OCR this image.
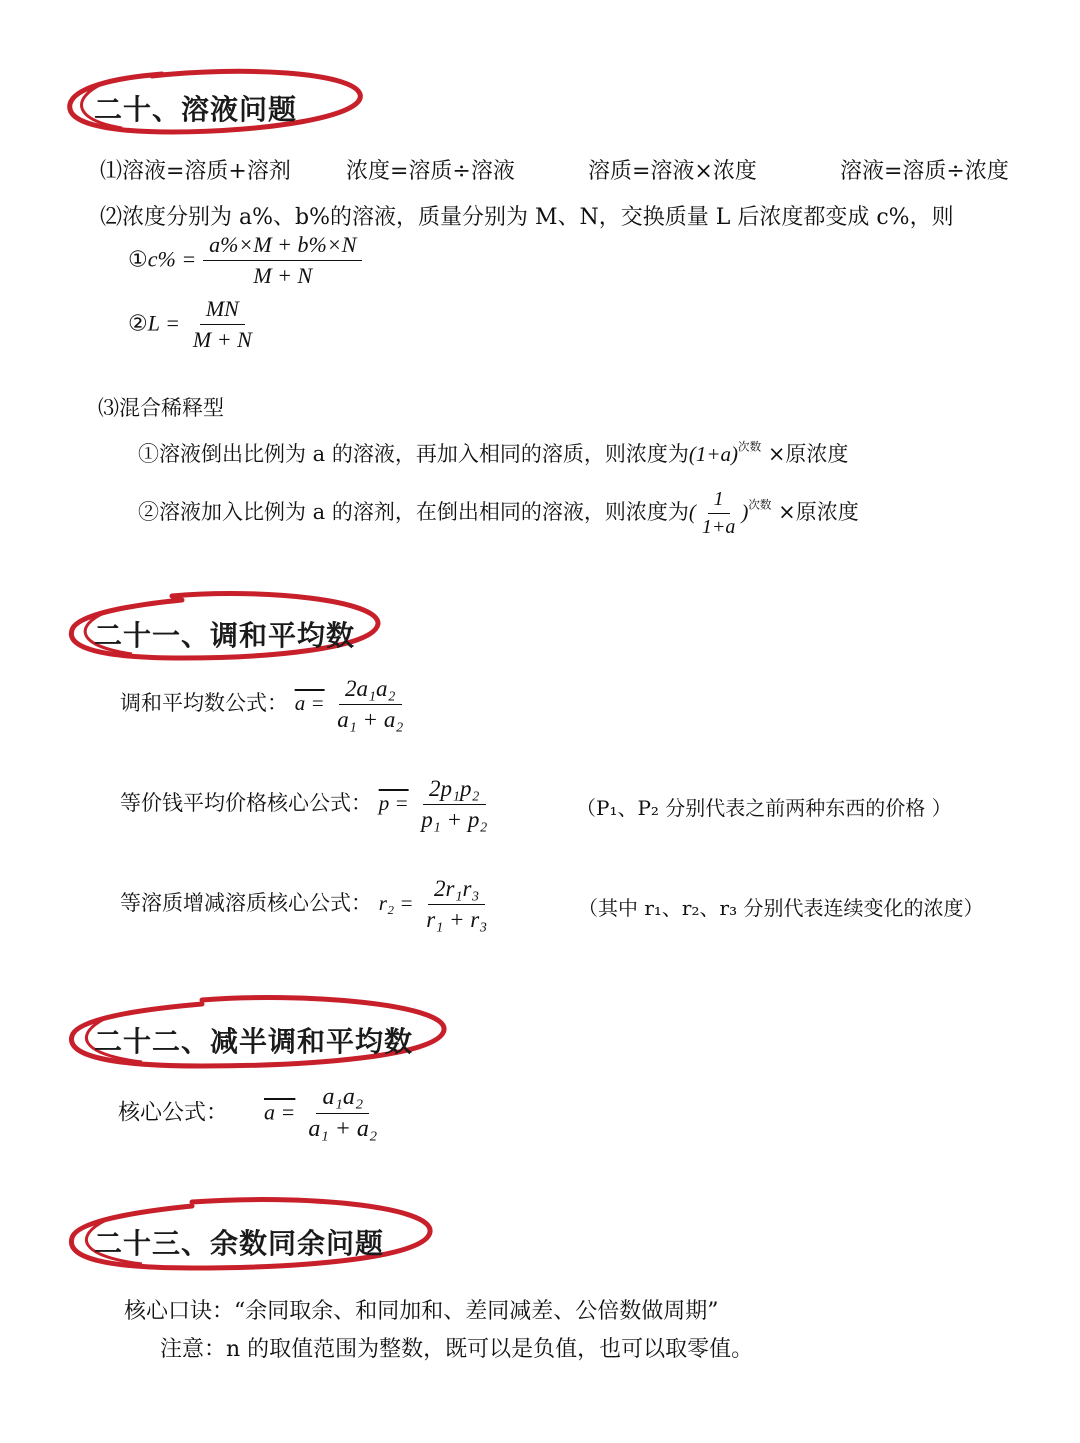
二十、溶液问题
⑴溶液=溶质+溶剂	浓度=溶质÷溶液	溶质=溶液×浓度	溶液=溶质÷浓度
⑵浓度分别为 a%、b%的溶液，质量分别为 M、N，交换质量 L 后浓度都变成 c%，则
①c% = $\frac{a\%\times M + b\%\times N}{M + N}$
②L = $\frac{MN}{M + N}$
⑶混合稀释型
①溶液倒出比例为 a 的溶液，再加入相同的溶质，则浓度为$(1+a)^{次数}$ ×原浓度
②溶液加入比例为 a 的溶剂，在倒出相同的溶液，则浓度为( $\frac{1}{1+a} )^{次数}$ ×原浓度
二十一、调和平均数
调和平均数公式： $a = \frac{\text{2a₁a₂}}{\text{a₁ + a₂}}$
等价钱平均价格核心公式： $p = \frac{\text{2p₁p₂}}{\text{p₁ + p₂}}$	（P₁、P₂ 分别代表之前两种东西的价格 ）
等溶质增减溶质核心公式： $r_2 = \frac{\text{2r₁r₃}}{\text{r₁ + r₃}}$	（其中 r₁、r₂、r₃ 分别代表连续变化的浓度）
二十二、减半调和平均数
核心公式： $a = \frac{\text{a₁a₂}}{\text{a₁ + a₂}}$
二十三、余数同余问题
核心口诀：“余同取余、和同加和、差同减差、公倍数做周期”
注意：n 的取值范围为整数，既可以是负值，也可以取零值。
